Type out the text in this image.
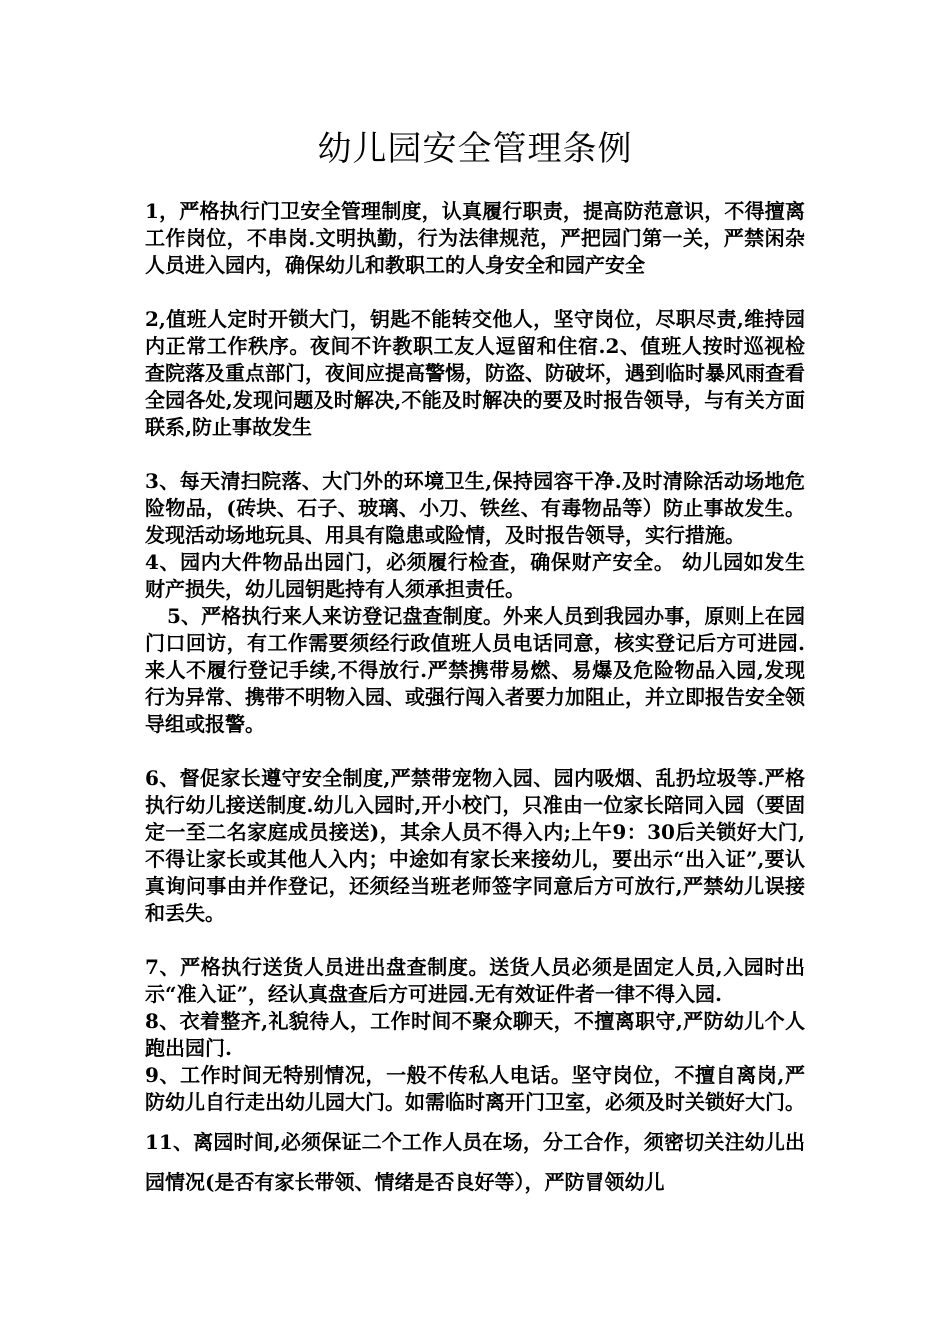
幼儿园安全管理条例

1，严格执行门卫安全管理制度，认真履行职责，提高防范意识，不得擅离工作岗位，不串岗.文明执勤，行为法律规范，严把园门第一关，严禁闲杂人员进入园内，确保幼儿和教职工的人身安全和园产安全

2,值班人定时开锁大门，钥匙不能转交他人，坚守岗位，尽职尽责,维持园内正常工作秩序。夜间不许教职工友人逗留和住宿.2、值班人按时巡视检查院落及重点部门，夜间应提高警惕，防盗、防破坏，遇到临时暴风雨查看全园各处,发现问题及时解决,不能及时解决的要及时报告领导，与有关方面联系,防止事故发生

3、每天清扫院落、大门外的环境卫生,保持园容干净.及时清除活动场地危险物品，(砖块、石子、玻璃、小刀、铁丝、有毒物品等）防止事故发生。发现活动场地玩具、用具有隐患或险情，及时报告领导，实行措施。

4、园内大件物品出园门，必须履行检查，确保财产安全。 幼儿园如发生财产损失，幼儿园钥匙持有人须承担责任。

5、严格执行来人来访登记盘查制度。外来人员到我园办事，原则上在园门口回访，有工作需要须经行政值班人员电话同意，核实登记后方可进园.来人不履行登记手续,不得放行.严禁携带易燃、易爆及危险物品入园,发现行为异常、携带不明物入园、或强行闯入者要力加阻止，并立即报告安全领导组或报警。

6、督促家长遵守安全制度,严禁带宠物入园、园内吸烟、乱扔垃圾等.严格执行幼儿接送制度.幼儿入园时,开小校门，只准由一位家长陪同入园（要固定一至二名家庭成员接送)，其余人员不得入内;上午9：30后关锁好大门,不得让家长或其他人入内；中途如有家长来接幼儿，要出示“出入证”,要认真询问事由并作登记，还须经当班老师签字同意后方可放行,严禁幼儿误接和丢失。

7、严格执行送货人员进出盘查制度。送货人员必须是固定人员,入园时出示“准入证”，经认真盘查后方可进园.无有效证件者一律不得入园.

8、衣着整齐,礼貌待人，工作时间不聚众聊天，不擅离职守,严防幼儿个人跑出园门.

9、工作时间无特别情况，一般不传私人电话。坚守岗位，不擅自离岗,严防幼儿自行走出幼儿园大门。如需临时离开门卫室，必须及时关锁好大门。

11、离园时间,必须保证二个工作人员在场，分工合作，须密切关注幼儿出园情况(是否有家长带领、情绪是否良好等），严防冒领幼儿
